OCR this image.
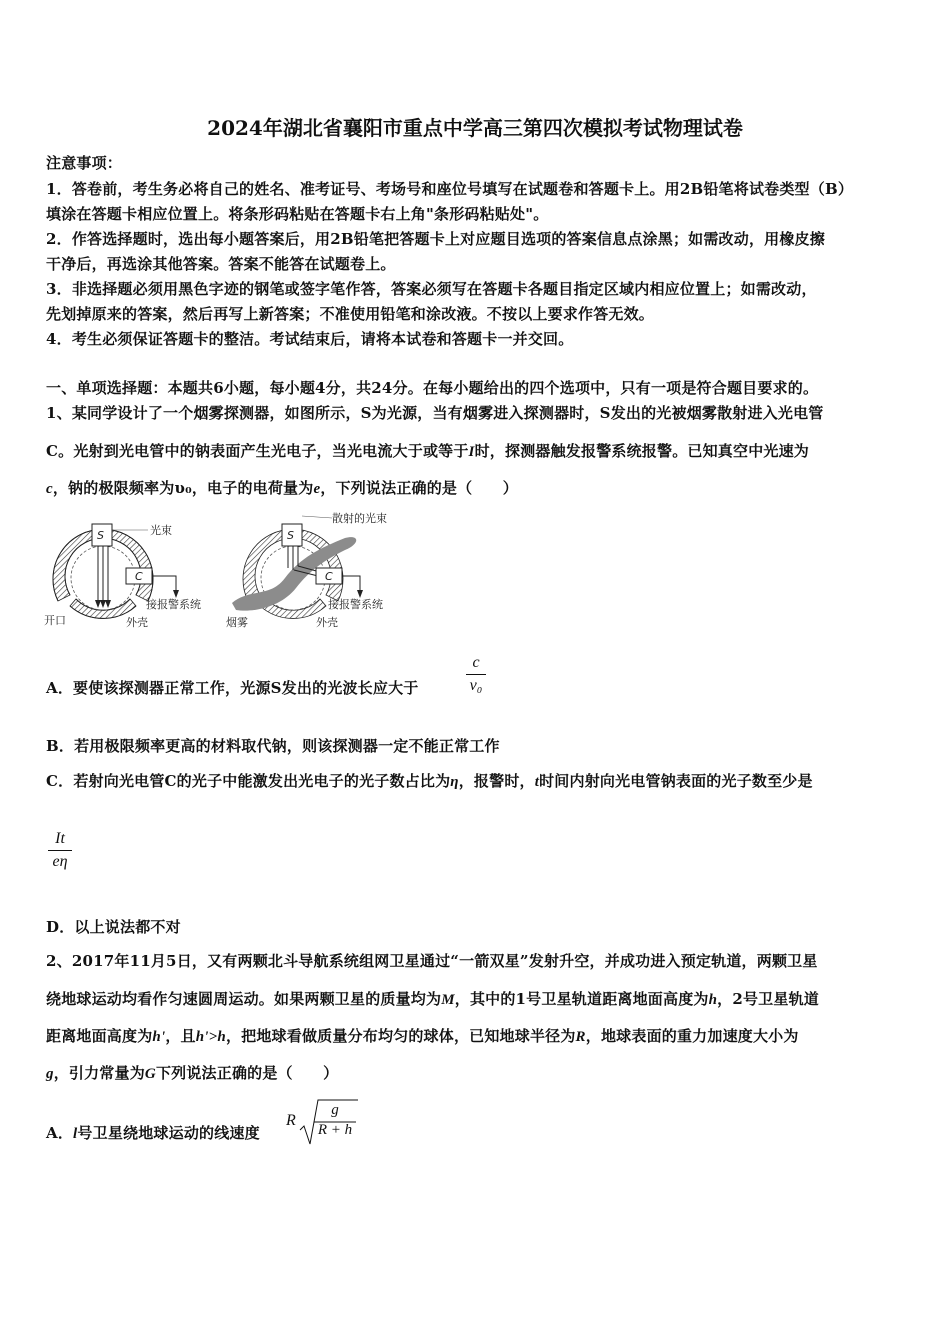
2024年湖北省襄阳市重点中学高三第四次模拟考试物理试卷
注意事项：
1．答卷前，考生务必将自己的姓名、准考证号、考场号和座位号填写在试题卷和答题卡上。用2B铅笔将试卷类型（B）
填涂在答题卡相应位置上。将条形码粘贴在答题卡右上角"条形码粘贴处"。
2．作答选择题时，选出每小题答案后，用2B铅笔把答题卡上对应题目选项的答案信息点涂黑；如需改动，用橡皮擦
干净后，再选涂其他答案。答案不能答在试题卷上。
3．非选择题必须用黑色字迹的钢笔或签字笔作答，答案必须写在答题卡各题目指定区域内相应位置上；如需改动，
先划掉原来的答案，然后再写上新答案；不准使用铅笔和涂改液。不按以上要求作答无效。
4．考生必须保证答题卡的整洁。考试结束后，请将本试卷和答题卡一并交回。
一、单项选择题：本题共6小题，每小题4分，共24分。在每小题给出的四个选项中，只有一项是符合题目要求的。
1、某同学设计了一个烟雾探测器，如图所示，S为光源，当有烟雾进入探测器时，S发出的光被烟雾散射进入光电管
C。光射到光电管中的钠表面产生光电子，当光电流大于或等于I时，探测器触发报警系统报警。已知真空中光速为
c，钠的极限频率为υ₀，电子的电荷量为e，下列说法正确的是（　　）
S	光束
C
接报警系统
开口	外壳
S
散射的光束
C
接报警系统
烟雾	外壳
A．要使该探测器正常工作，光源S发出的光波长应大于
c
v₀
B．若用极限频率更高的材料取代钠，则该探测器一定不能正常工作
C．若射向光电管C的光子中能激发出光电子的光子数占比为η，报警时，t时间内射向光电管钠表面的光子数至少是
It
eη
D．以上说法都不对
2、2017年11月5日，又有两颗北斗导航系统组网卫星通过“一箭双星”发射升空，并成功进入预定轨道，两颗卫星
绕地球运动均看作匀速圆周运动。如果两颗卫星的质量均为M，其中的1号卫星轨道距离地面高度为h，2号卫星轨道
距离地面高度为h'，且h'>h，把地球看做质量分布均匀的球体，已知地球半径为R，地球表面的重力加速度大小为
g，引力常量为G下列说法正确的是（　　）
A．l号卫星绕地球运动的线速度
R
g
R + h
